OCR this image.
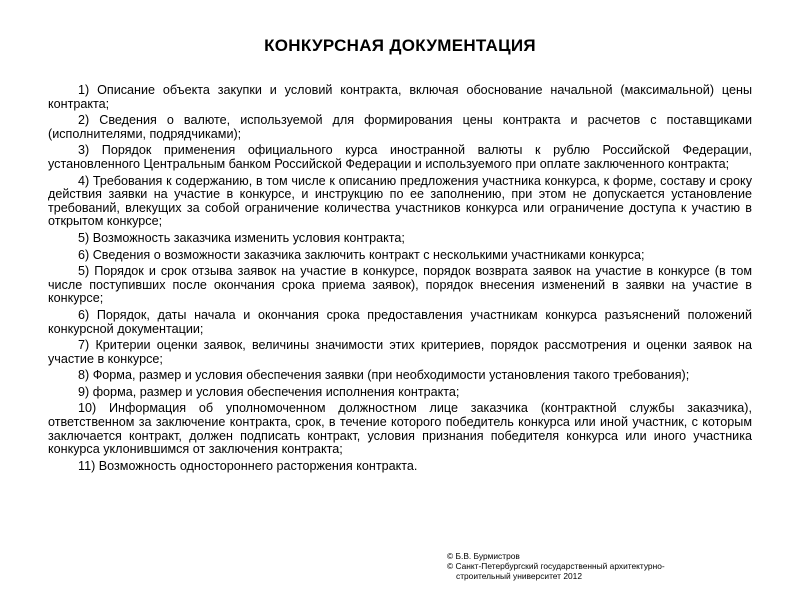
КОНКУРСНАЯ ДОКУМЕНТАЦИЯ

1) Описание объекта закупки и условий контракта, включая обоснование начальной (максимальной) цены контракта;

2) Сведения о валюте, используемой для формирования цены контракта и расчетов с поставщиками (исполнителями, подрядчиками);

3) Порядок применения официального курса иностранной валюты к рублю Российской Федерации, установленного Центральным банком Российской Федерации и используемого при оплате заключенного контракта;

4) Требования к содержанию, в том числе к описанию предложения участника конкурса, к форме, составу и сроку действия заявки на участие в конкурсе, и инструкцию по ее заполнению, при этом не допускается установление требований, влекущих за собой ограничение количества участников конкурса или ограничение доступа к участию в открытом конкурсе;

5) Возможность заказчика изменить условия контракта;

6) Сведения о возможности заказчика заключить контракт с несколькими участниками конкурса;

5) Порядок и срок отзыва заявок на участие в конкурсе, порядок возврата заявок на участие в конкурсе (в том числе поступивших после окончания срока приема заявок), порядок внесения изменений в заявки на участие в конкурсе;

6) Порядок, даты начала и окончания срока предоставления участникам конкурса разъяснений положений конкурсной документации;

7) Критерии оценки заявок, величины значимости этих критериев, порядок рассмотрения и оценки заявок на участие в конкурсе;

8) Форма, размер и условия обеспечения заявки (при необходимости установления такого требования);

9) форма, размер и условия обеспечения исполнения контракта;

10) Информация об уполномоченном должностном лице заказчика (контрактной службы заказчика), ответственном за заключение контракта, срок, в течение которого победитель конкурса или иной участник, с которым заключается контракт, должен подписать контракт, условия признания победителя конкурса или иного участника конкурса уклонившимся от заключения контракта;

11) Возможность одностороннего расторжения контракта.

© Б.В. Бурмистров
© Санкт-Петербургский государственный архитектурно-
строительный университет 2012
